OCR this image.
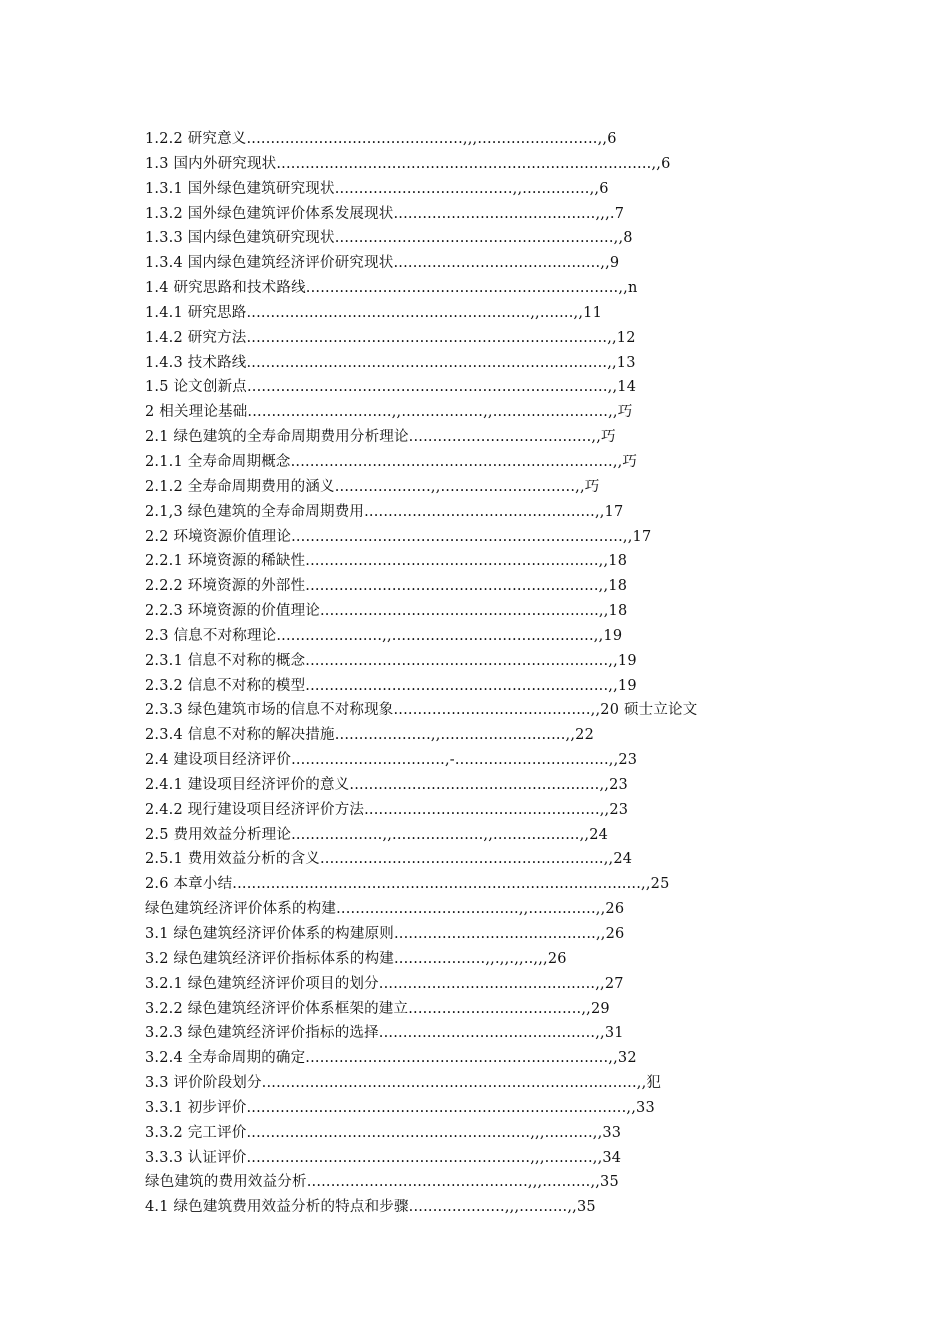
1.2.2 研究意义.............................................,,,.........................,,6
1.3 国内外研究现状..............................................................................,,6
1.3.1 国外绿色建筑研究现状.....................................,,..............,,6
1.3.2 国外绿色建筑评价体系发展现状..........................................,,,.7
1.3.3 国内绿色建筑研究现状..........................................................,,8
1.3.4 国内绿色建筑经济评价研究现状...........................................,,9
1.4 研究思路和技术路线.................................................................,,n
1.4.1 研究思路...........................................................,,.......,,11
1.4.2 研究方法...........................................................................,,12
1.4.3 技术路线...........................................................................,,13
1.5 论文创新点...........................................................................,,14
2 相关理论基础..............................,,.................,,........................,,巧
2.1 绿色建筑的全寿命周期费用分析理论......................................,,巧
2.1.1 全寿命周期概念...................................................................,,巧
2.1.2 全寿命周期费用的涵义....................,,............................,,巧
2.1,3 绿色建筑的全寿命周期费用................................................,,17
2.2 环境资源价值理论.....................................................................,,17
2.2.1 环境资源的稀缺性.............................................................,,18
2.2.2 环境资源的外部性.............................................................,,18
2.2.3 环境资源的价值理论..........................................................,,18
2.3 信息不对称理论......................,,..........................................,,19
2.3.1 信息不对称的概念...............................................................,,19
2.3.2 信息不对称的模型...............................................................,,19
2.3.3 绿色建筑市场的信息不对称现象.........................................,,20 硕士立论文
2.3.4 信息不对称的解决措施....................,,..........................,,22
2.4 建设项目经济评价................................,-................................,,23
2.4.1 建设项目经济评价的意义....................................................,,23
2.4.2 现行建设项目经济评价方法.................................................,,23
2.5 费用效益分析理论...................,,...................,,..................,,24
2.5.1 费用效益分析的含义...........................................................,,24
2.6 本章小结.....................................................................................,,25
绿色建筑经济评价体系的构建......................................,,..............,,26
3.1 绿色建筑经济评价体系的构建原则..........................................,,26
3.2 绿色建筑经济评价指标体系的构建...................,,.,,.,,..,,,26
3.2.1 绿色建筑经济评价项目的划分.............................................,,27
3.2.2 绿色建筑经济评价体系框架的建立....................................,,29
3.2.3 绿色建筑经济评价指标的选择.............................................,,31
3.2.4 全寿命周期的确定...............................................................,,32
3.3 评价阶段划分..............................................................................,,犯
3.3.1 初步评价...............................................................................,,33
3.3.2 完工评价...........................................................,,,..........,,33
3.3.3 认证评价...........................................................,,,..........,,34
绿色建筑的费用效益分析..............................................,,,..........,,35
4.1 绿色建筑费用效益分析的特点和步骤....................,,,..........,,35
